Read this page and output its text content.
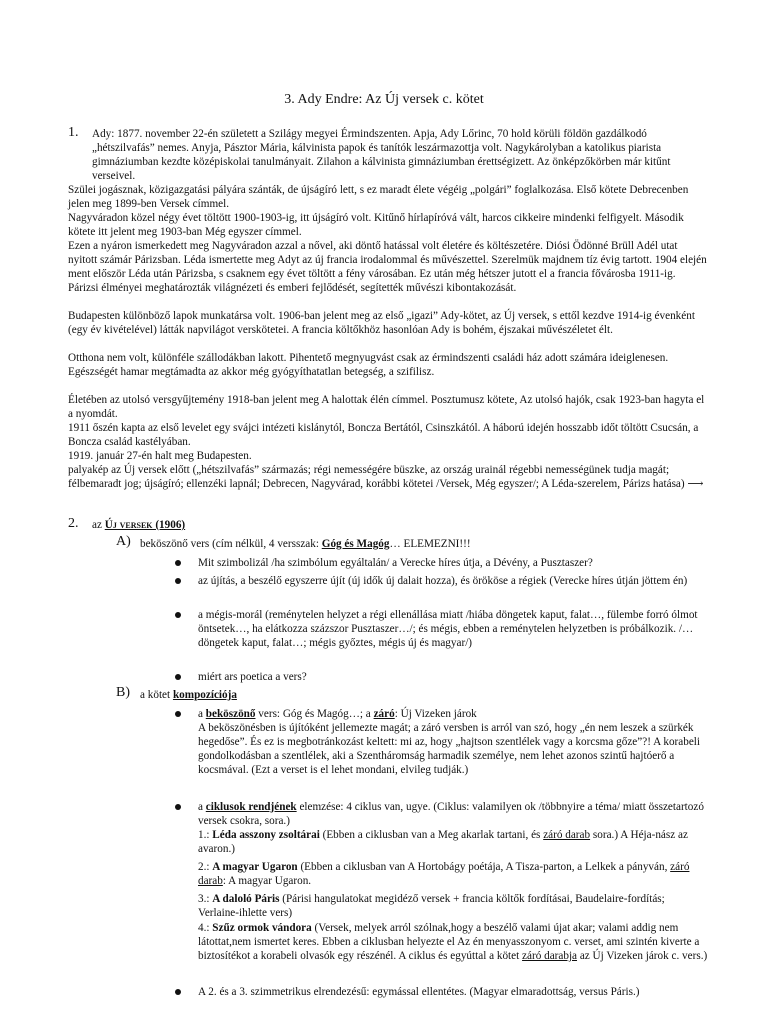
3. Ady Endre: Az Új versek c. kötet
1. Ady: 1877. november 22-én született a Szilágy megyei Érmindszenten. Apja, Ady Lőrinc, 70 hold körüli földön gazdálkodó „hétszilvafás” nemes. Anyja, Pásztor Mária, kálvinista papok és tanítók leszármazottja volt. Nagykárolyban a katolikus piarista gimnáziumban kezdte középiskolai tanulmányait. Zilahon a kálvinista gimnáziumban érettségizett. Az önképzőkörben már kitűnt verseivel.

Szülei jogásznak, közigazgatási pályára szánták, de újságíró lett, s ez maradt élete végéig „polgári” foglalkozása. Első kötete Debrecenben jelen meg 1899-ben Versek címmel.

Nagyváradon közel négy évet töltött 1900-1903-ig, itt újságíró volt. Kitűnő hírlapíróvá vált, harcos cikkeire mindenki felfigyelt. Második kötete itt jelent meg 1903-ban Még egyszer címmel.

Ezen a nyáron ismerkedett meg Nagyváradon azzal a nővel, aki döntő hatással volt életére és költészetére. Diósi Ödönné Brüll Adél utat nyitott számár Párizsban. Léda ismertette meg Adyt az új francia irodalommal és művészettel. Szerelmük majdnem tíz évig tartott. 1904 elején ment először Léda után Párizsba, s csaknem egy évet töltött a fény városában. Ez után még hétszer jutott el a francia fővárosba 1911-ig. Párizsi élményei meghatározták világnézeti és emberi fejlődését, segítették művészi kibontakozását.

Budapesten különböző lapok munkatársa volt. 1906-ban jelent meg az első „igazi” Ady-kötet, az Új versek, s ettől kezdve 1914-ig évenként (egy év kivételével) látták napvilágot verskötetei. A francia költőkhöz hasonlóan Ady is bohém, éjszakai művészéletet élt.

Otthona nem volt, különféle szállodákban lakott. Pihentető megnyugvást csak az érmindszenti családi ház adott számára ideiglenesen. Egészségét hamar megtámadta az akkor még gyógyíthatatlan betegség, a szifilisz.

Életében az utolsó versgyűjtemény 1918-ban jelent meg A halottak élén címmel. Posztumusz kötete, Az utolsó hajók, csak 1923-ban hagyta el a nyomdát.

1911 őszén kapta az első levelet egy svájci intézeti kislánytól, Boncza Bertától, Csinszkától. A háború idején hosszabb időt töltött Csucsán, a Boncza család kastélyában.

1919. január 27-én halt meg Budapesten.

palyakép az Új versek előtt („hétszilvafás” származás; régi nemességére büszke, az ország urainál régebbi nemességünek tudja magát; félbemaradt jog; újságíró; ellenzéki lapnál; Debrecen, Nagyvárad, korábbi kötetei /Versek, Még egyszer/; A Léda-szerelem, Párizs hatása) ⟶

2. az Új versek (1906)

A) beköszönő vers (cím nélkül, 4 versszak: Góg és Magóg… ELEMEZNI!!!

Mit szimbolizál /ha szimbólum egyáltalán/ a Verecke híres útja, a Dévény, a Pusztaszer?

az újítás, a beszélő egyszerre újít (új idők új dalait hozza), és örököse a régiek (Verecke híres útján jöttem én)

a mégis-morál (reménytelen helyzet a régi ellenállása miatt /hiába döngetek kaput, falat…, fülembe forró ólmot öntsetek…, ha elátkozza százszor Pusztaszer…/; és mégis, ebben a reménytelen helyzetben is próbálkozik. /…döngetek kaput, falat…; mégis győztes, mégis új és magyar/)

miért ars poetica a vers?

B) a kötet kompozíciója

a beköszönő vers: Góg és Magóg…; a záró: Új Vizeken járok

A beköszönésben is újítóként jellemezte magát; a záró versben is arról van szó, hogy „én nem leszek a szürkék hegedőse”. És ez is megbotránkozást keltett: mi az, hogy „hajtson szentlélek vagy a korcsma gőze”?! A korabeli gondolkodásban a szentlélek, aki a Szentháromság harmadik személye, nem lehet azonos szintű hajtóerő a kocsmával. (Ezt a verset is el lehet mondani, elvileg tudják.)

a ciklusok rendjének elemzése: 4 ciklus van, ugye. (Ciklus: valamilyen ok /többnyire a téma/ miatt összetartozó versek csokra, sora.)

1.: Léda asszony zsoltárai (Ebben a ciklusban van a Meg akarlak tartani, és záró darab sora.) A Héja-nász az avaron.)

2.: A magyar Ugaron (Ebben a ciklusban van A Hortobágy poétája, A Tisza-parton, a Lelkek a pányván, záró darab: A magyar Ugaron.

3.: A daloló Páris (Párisi hangulatokat megidéző versek + francia költők fordításai, Baudelaire-fordítás; Verlaine-ihlette vers)

4.: Szűz ormok vándora (Versek, melyek arról szólnak,hogy a beszélő valami újat akar; valami addig nem látottat,nem ismertet keres. Ebben a ciklusban helyezte el Az én menyasszonyom c. verset, ami szintén kiverte a biztosítékot a korabeli olvasók egy részénél. A ciklus és egyúttal a kötet záró darabja az Új Vizeken járok c. vers.)

A 2. és a 3. szimmetrikus elrendezésű: egymással ellentétes. (Magyar elmaradottság, versus Páris.)
